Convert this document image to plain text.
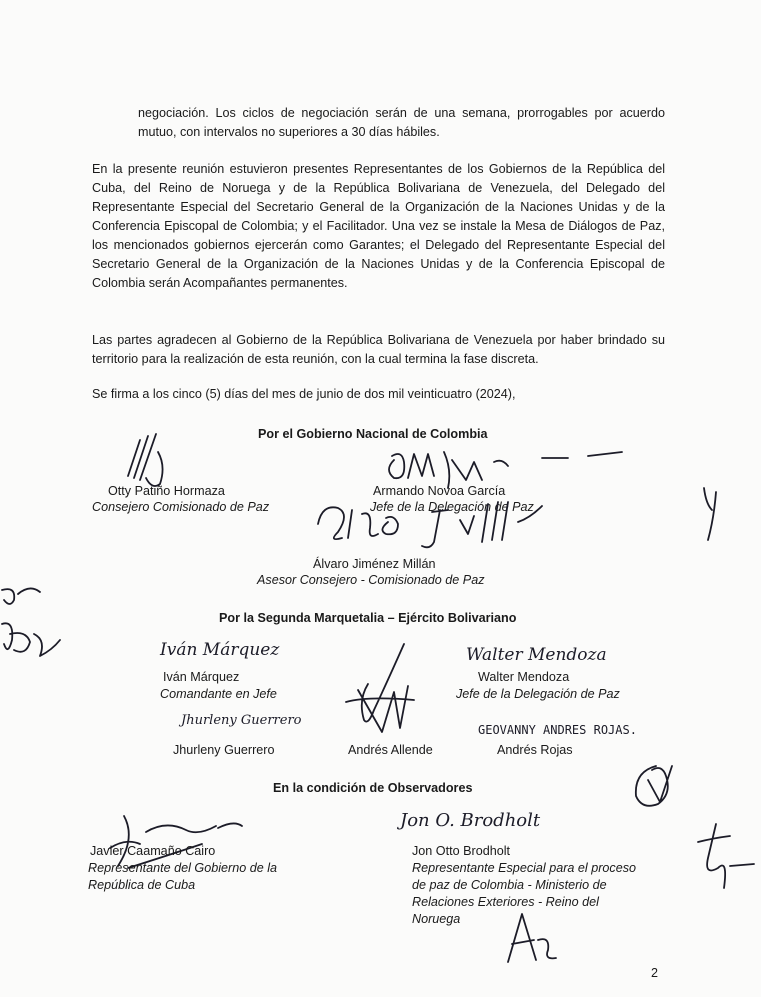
negociación. Los ciclos de negociación serán de una semana, prorrogables por acuerdo mutuo, con intervalos no superiores a 30 días hábiles.
En la presente reunión estuvieron presentes Representantes de los Gobiernos de la República del Cuba, del Reino de Noruega y de la República Bolivariana de Venezuela, del Delegado del Representante Especial del Secretario General de la Organización de la Naciones Unidas y de la Conferencia Episcopal de Colombia; y el Facilitador. Una vez se instale la Mesa de Diálogos de Paz, los mencionados gobiernos ejercerán como Garantes; el Delegado del Representante Especial del Secretario General de la Organización de la Naciones Unidas y de la Conferencia Episcopal de Colombia serán Acompañantes permanentes.
Las partes agradecen al Gobierno de la República Bolivariana de Venezuela por haber brindado su territorio para la realización de esta reunión, con la cual termina la fase discreta.
Se firma a los cinco (5) días del mes de junio de dos mil veinticuatro (2024),
Por el Gobierno Nacional de Colombia
Por la Segunda Marquetalia – Ejército Bolivariano
En la condición de Observadores
Otty Patiño Hormaza
Consejero Comisionado de Paz
Armando Novoa García
Jefe de la Delegación de Paz
Álvaro Jiménez Millán
Asesor Consejero - Comisionado de Paz
Iván Márquez
Iván Márquez
Comandante en Jefe
Walter Mendoza
Walter Mendoza
Jefe de la Delegación de Paz
Jhurleny Guerrero
Jhurleny Guerrero	Andrés Allende
GEOVANNY ANDRES ROJAS.
Andrés Rojas
Javier Caamaño Cairo
Representante del Gobierno de la
República de Cuba
Jon O. Brodholt
Jon Otto Brodholt
Representante Especial para el proceso
de paz de Colombia - Ministerio de
Relaciones Exteriores - Reino del
Noruega
2
